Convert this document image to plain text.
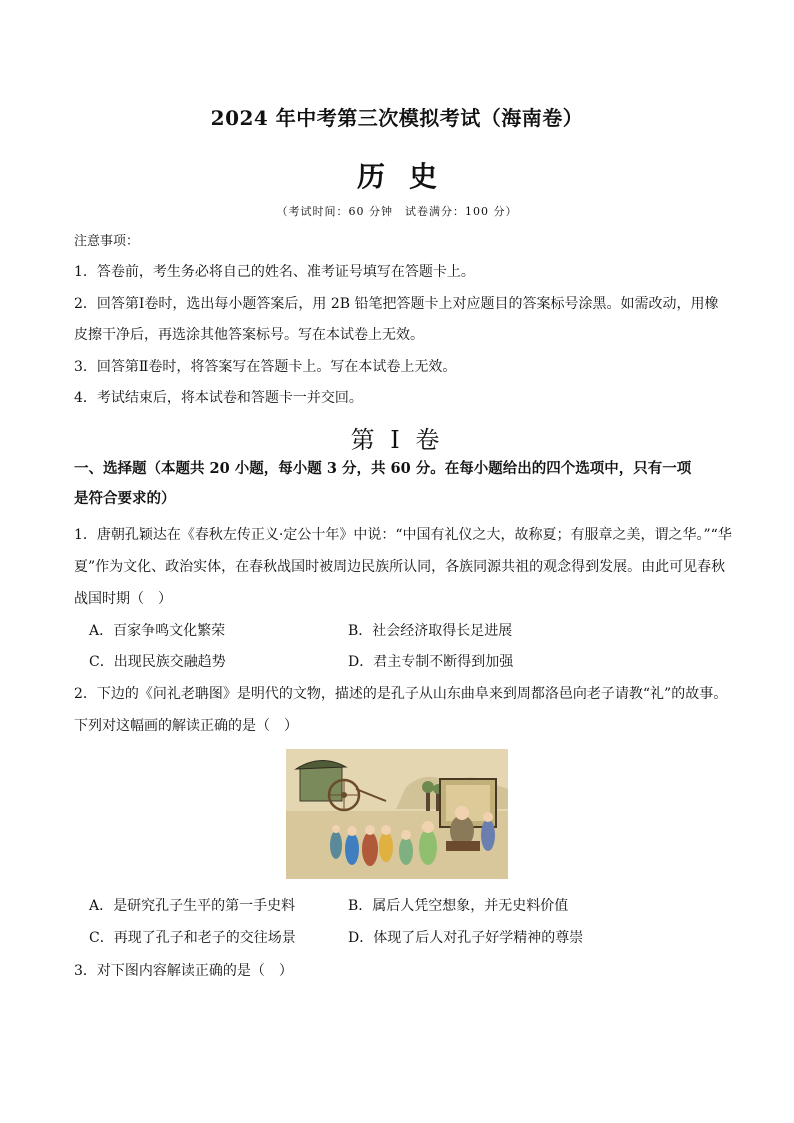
2024 年中考第三次模拟考试（海南卷）
历史
（考试时间：60 分钟　试卷满分：100 分）
注意事项：
1．答卷前，考生务必将自己的姓名、准考证号填写在答题卡上。
2．回答第Ⅰ卷时，选出每小题答案后，用 2B 铅笔把答题卡上对应题目的答案标号涂黑。如需改动，用橡
皮擦干净后，再选涂其他答案标号。写在本试卷上无效。
3．回答第Ⅱ卷时，将答案写在答题卡上。写在本试卷上无效。
4．考试结束后，将本试卷和答题卡一并交回。
第 I 卷
一、选择题（本题共 20 小题，每小题 3 分，共 60 分。在每小题给出的四个选项中，只有一项
是符合要求的）
1．唐朝孔颖达在《春秋左传正义·定公十年》中说：“中国有礼仪之大，故称夏；有服章之美，谓之华。”“华
夏”作为文化、政治实体，在春秋战国时被周边民族所认同，各族同源共祖的观念得到发展。由此可见春秋
战国时期（　）
A．百家争鸣文化繁荣	B．社会经济取得长足进展
C．出现民族交融趋势	D．君主专制不断得到加强
2．下边的《问礼老聃图》是明代的文物，描述的是孔子从山东曲阜来到周都洛邑向老子请教“礼”的故事。
下列对这幅画的解读正确的是（　）
A．是研究孔子生平的第一手史料	B．属后人凭空想象，并无史料价值
C．再现了孔子和老子的交往场景	D．体现了后人对孔子好学精神的尊崇
3．对下图内容解读正确的是（　）
